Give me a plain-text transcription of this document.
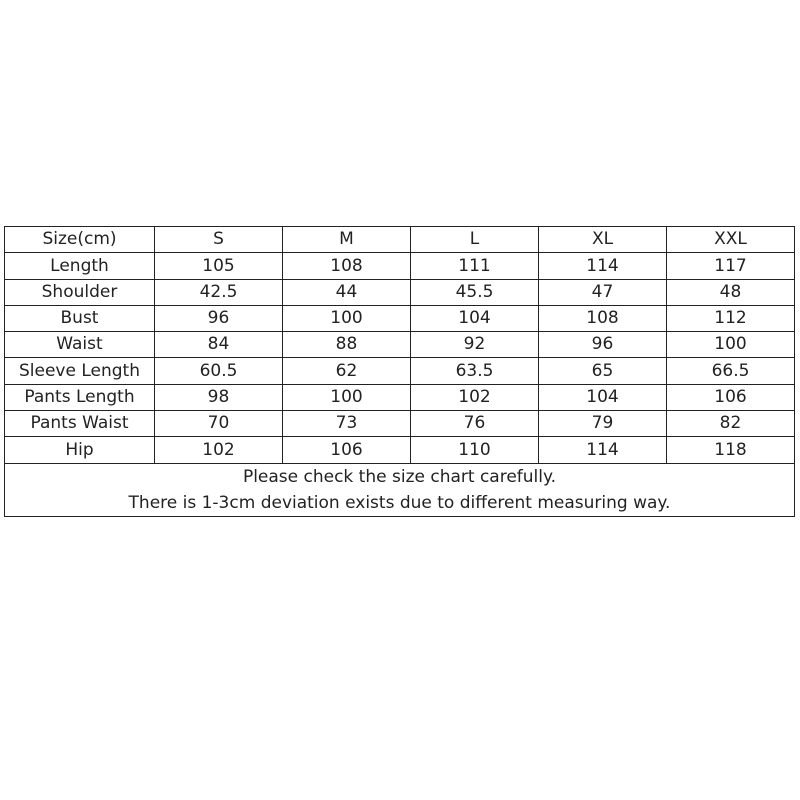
Size(cm)	S	M	L	XL	XXL
Length	105	108	111	114	117
Shoulder	42.5	44	45.5	47	48
Bust	96	100	104	108	112
Waist	84	88	92	96	100
Sleeve Length	60.5	62	63.5	65	66.5
Pants Length	98	100	102	104	106
Pants Waist	70	73	76	79	82
Hip	102	106	110	114	118

Please check the size chart carefully.
There is 1-3cm deviation exists due to different measuring way.					
